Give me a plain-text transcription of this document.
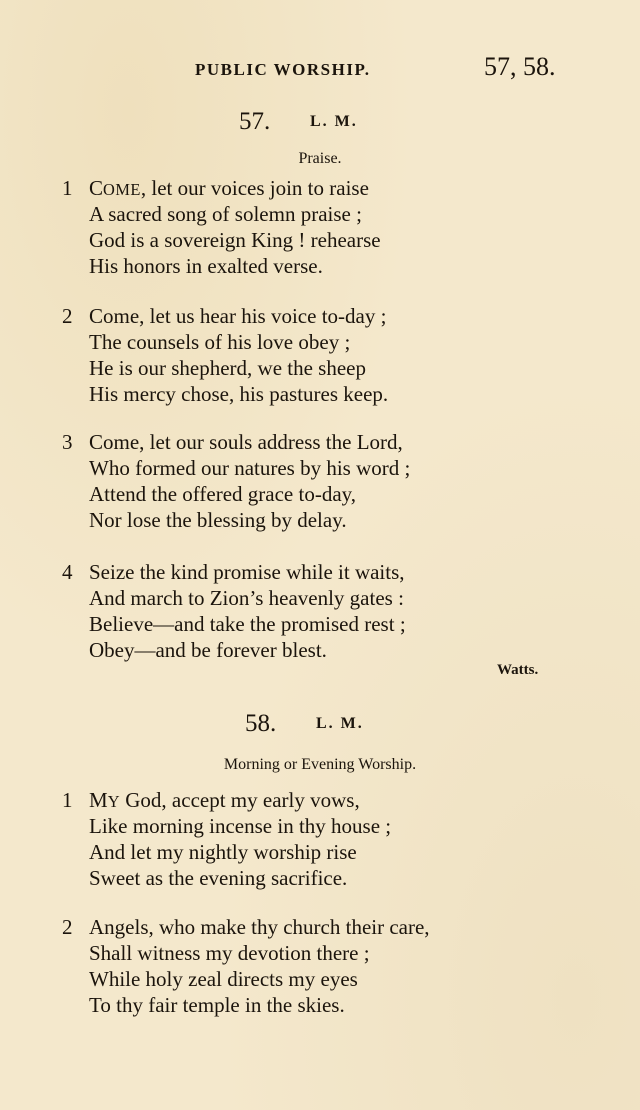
PUBLIC WORSHIP.	57, 58.
57. L. M.
Praise.
1 COME, let our voices join to raise
A sacred song of solemn praise ;
God is a sovereign King ! rehearse
His honors in exalted verse.
2 Come, let us hear his voice to-day ;
The counsels of his love obey ;
He is our shepherd, we the sheep
His mercy chose, his pastures keep.
3 Come, let our souls address the Lord,
Who formed our natures by his word ;
Attend the offered grace to-day,
Nor lose the blessing by delay.
4 Seize the kind promise while it waits,
And march to Zion’s heavenly gates :
Believe—and take the promised rest ;
Obey—and be forever blest.
Watts.
58. L. M.
Morning or Evening Worship.
1 MY God, accept my early vows,
Like morning incense in thy house ;
And let my nightly worship rise
Sweet as the evening sacrifice.
2 Angels, who make thy church their care,
Shall witness my devotion there ;
While holy zeal directs my eyes
To thy fair temple in the skies.
